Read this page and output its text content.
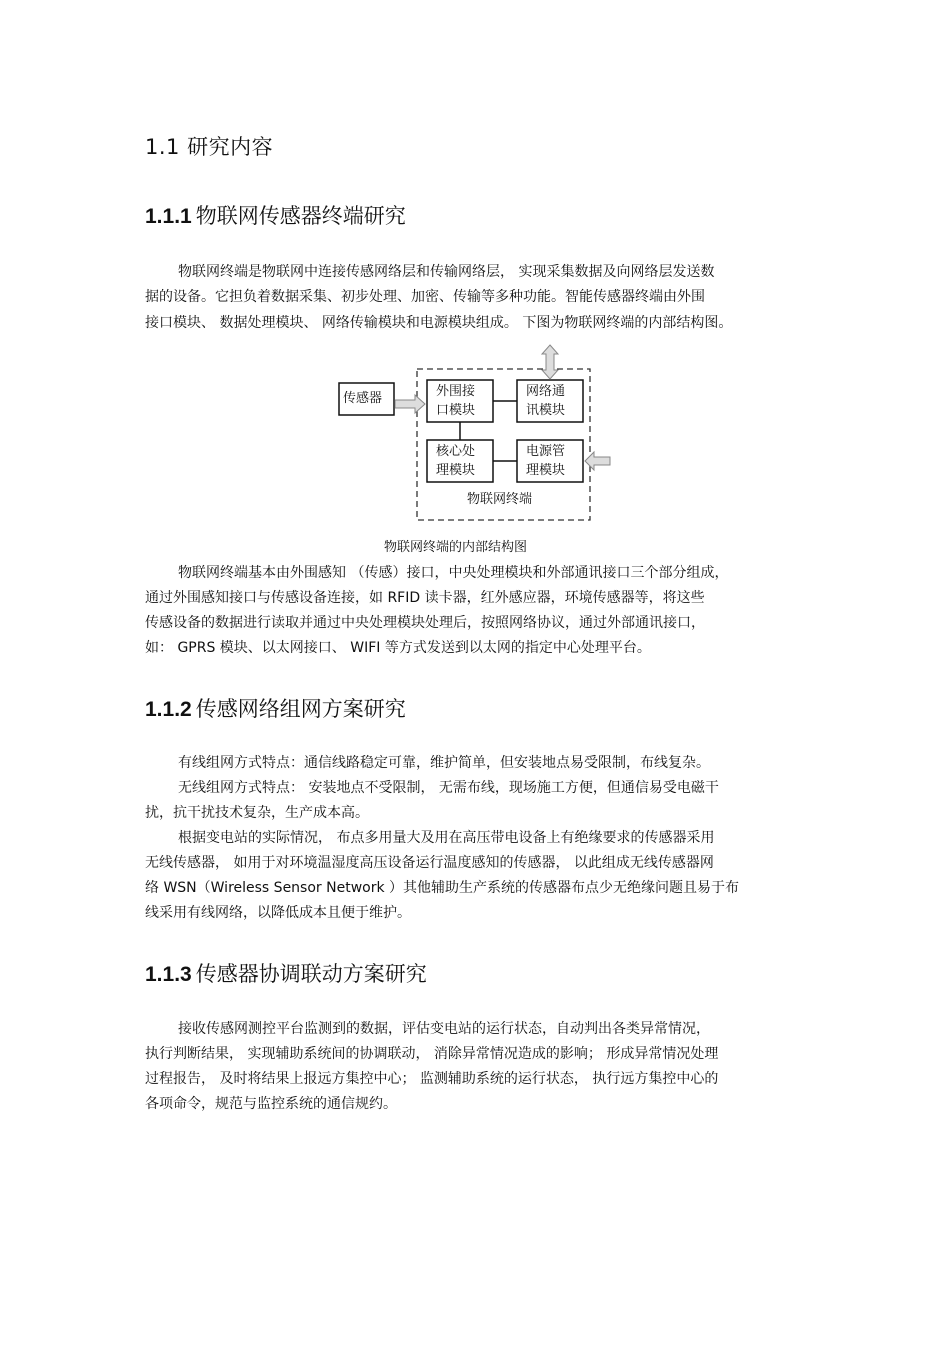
1.1 研究内容
1.1.1 物联网传感器终端研究
物联网终端是物联网中连接传感网络层和传输网络层， 实现采集数据及向网络层发送数
据的设备。它担负着数据采集、初步处理、加密、传输等多种功能。智能传感器终端由外围
接口模块、 数据处理模块、 网络传输模块和电源模块组成。 下图为物联网终端的内部结构图。
传感器	外围接
口模块
网络通
讯模块
核心处
理模块
电源管
理模块
物联网终端
物联网终端的内部结构图
物联网终端基本由外围感知 （传感）接口，中央处理模块和外部通讯接口三个部分组成，
通过外围感知接口与传感设备连接，如 RFID 读卡器，红外感应器，环境传感器等，将这些
传感设备的数据进行读取并通过中央处理模块处理后，按照网络协议，通过外部通讯接口，
如： GPRS 模块、以太网接口、 WIFI 等方式发送到以太网的指定中心处理平台。
1.1.2 传感网络组网方案研究
有线组网方式特点：通信线路稳定可靠，维护简单，但安装地点易受限制，布线复杂。
无线组网方式特点： 安装地点不受限制， 无需布线，现场施工方便，但通信易受电磁干
扰，抗干扰技术复杂，生产成本高。
根据变电站的实际情况， 布点多用量大及用在高压带电设备上有绝缘要求的传感器采用
无线传感器， 如用于对环境温湿度高压设备运行温度感知的传感器， 以此组成无线传感器网
络 WSN（Wireless Sensor Network ）其他辅助生产系统的传感器布点少无绝缘问题且易于布
线采用有线网络，以降低成本且便于维护。
1.1.3 传感器协调联动方案研究
接收传感网测控平台监测到的数据，评估变电站的运行状态，自动判出各类异常情况，
执行判断结果， 实现辅助系统间的协调联动， 消除异常情况造成的影响； 形成异常情况处理
过程报告， 及时将结果上报远方集控中心； 监测辅助系统的运行状态， 执行远方集控中心的
各项命令，规范与监控系统的通信规约。
